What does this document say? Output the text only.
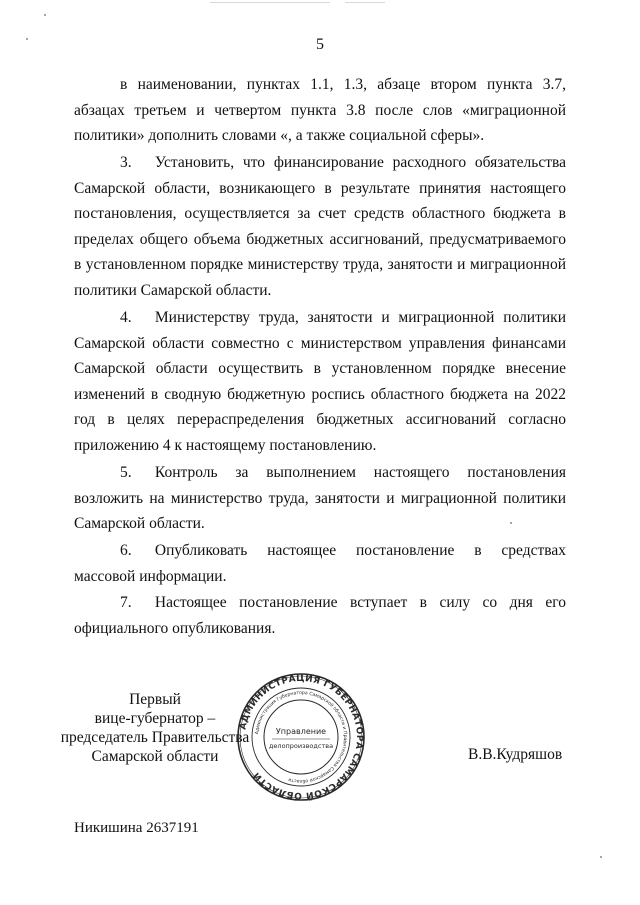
5

в наименовании, пунктах 1.1, 1.3, абзаце втором пункта 3.7, абзацах третьем и четвертом пункта 3.8 после слов «миграционной политики» дополнить словами «, а также социальной сферы».

3.   Установить, что финансирование расходного обязательства Самарской области, возникающего в результате принятия настоящего постановления, осуществляется за счет средств областного бюджета в пределах общего объема бюджетных ассигнований, предусматриваемого в установленном порядке министерству труда, занятости и миграционной политики Самарской области.

4.   Министерству труда, занятости и миграционной политики Самарской области совместно с министерством управления финансами Самарской области осуществить в установленном порядке внесение изменений в сводную бюджетную роспись областного бюджета на 2022 год в целях перераспределения бюджетных ассигнований согласно приложению 4 к настоящему постановлению.

5.   Контроль за выполнением настоящего постановления возложить на министерство труда, занятости и миграционной политики Самарской области.

6.   Опубликовать настоящее постановление в средствах массовой информации.

7.   Настоящее постановление вступает в силу со дня его официального опубликования.

Первый
вице-губернатор –
председатель Правительства
Самарской области
АДМИНИСТРАЦИЯ ГУБЕРНАТОРА САМАРСКОЙ ОБЛАСТИ
Администрация Губернатора Самарской области и Правительства Самарской области
Управление
делопроизводства	В.В.Кудряшов
Никишина 2637191
